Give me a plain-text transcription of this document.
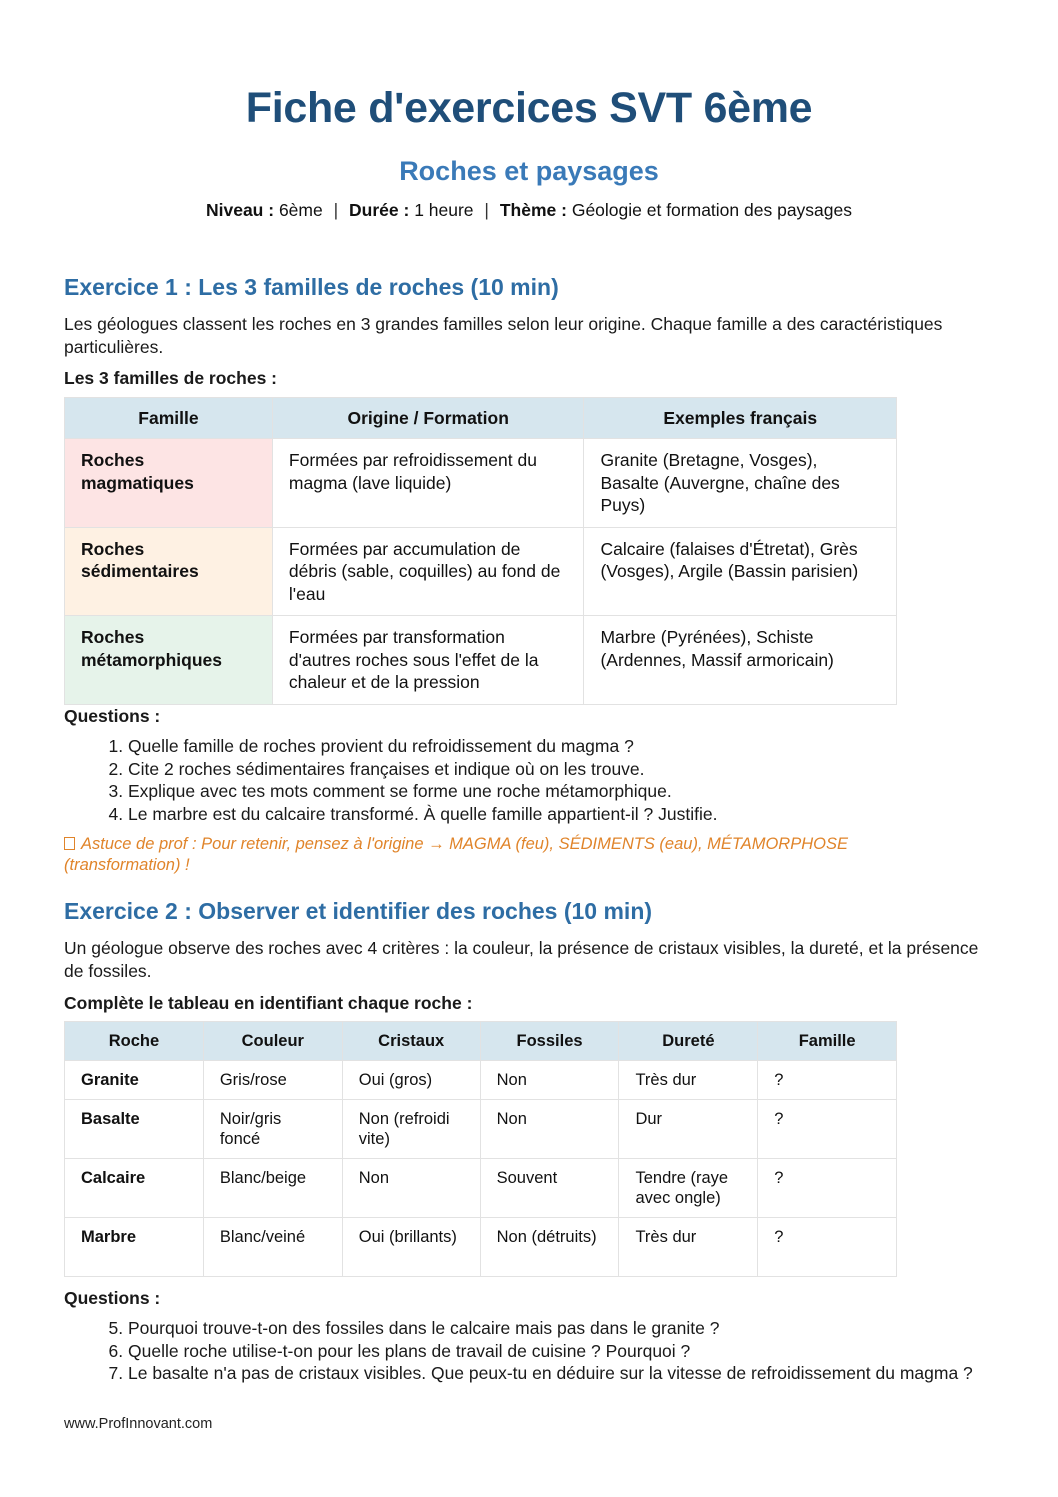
Fiche d'exercices SVT 6ème
Roches et paysages
Niveau : 6ème | Durée : 1 heure | Thème : Géologie et formation des paysages
Exercice 1 : Les 3 familles de roches (10 min)

Les géologues classent les roches en 3 grandes familles selon leur origine. Chaque famille a des caractéristiques particulières.

Les 3 familles de roches :

Famille	Origine / Formation	Exemples français
Roches magmatiques	Formées par refroidissement du magma (lave liquide)	Granite (Bretagne, Vosges), Basalte (Auvergne, chaîne des Puys)
Roches sédimentaires	Formées par accumulation de débris (sable, coquilles) au fond de l'eau	Calcaire (falaises d'Étretat), Grès (Vosges), Argile (Bassin parisien)
Roches métamorphiques	Formées par transformation d'autres roches sous l'effet de la chaleur et de la pression	Marbre (Pyrénées), Schiste (Ardennes, Massif armoricain)

Questions :

1. Quelle famille de roches provient du refroidissement du magma ?
2. Cite 2 roches sédimentaires françaises et indique où on les trouve.
3. Explique avec tes mots comment se forme une roche métamorphique.
4. Le marbre est du calcaire transformé. À quelle famille appartient-il ? Justifie.
Astuce de prof : Pour retenir, pensez à l'origine → MAGMA (feu), SÉDIMENTS (eau), MÉTAMORPHOSE (transformation) !
Exercice 2 : Observer et identifier des roches (10 min)

Un géologue observe des roches avec 4 critères : la couleur, la présence de cristaux visibles, la dureté, et la présence de fossiles.

Complète le tableau en identifiant chaque roche :

Roche	Couleur	Cristaux	Fossiles	Dureté	Famille
Granite	Gris/rose	Oui (gros)	Non	Très dur	?
Basalte	Noir/gris foncé	Non (refroidi vite)	Non	Dur	?
Calcaire	Blanc/beige	Non	Souvent	Tendre (raye avec ongle)	?
Marbre	Blanc/veiné	Oui (brillants)	Non (détruits)	Très dur	?

Questions :

5. Pourquoi trouve-t-on des fossiles dans le calcaire mais pas dans le granite ?
6. Quelle roche utilise-t-on pour les plans de travail de cuisine ? Pourquoi ?
7. Le basalte n'a pas de cristaux visibles. Que peux-tu en déduire sur la vitesse de refroidissement du magma ?
www.ProfInnovant.com
